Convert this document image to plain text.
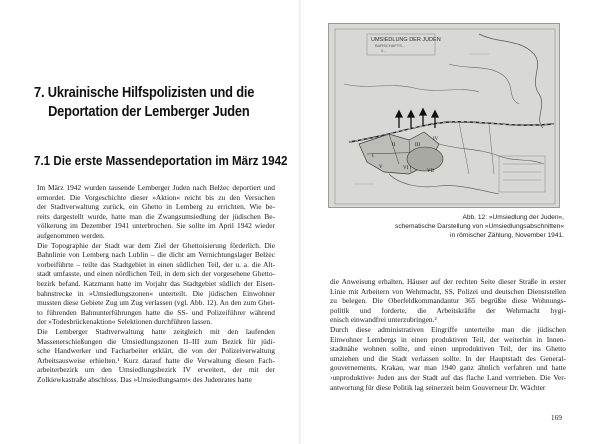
7. Ukrainische Hilfspolizisten und die
Deportation der Lemberger Juden
7.1 Die erste Massendeportation im März 1942
Im März 1942 wurden tausende Lemberger Juden nach Bełżec deportiert und
ermordet. Die Vorgeschichte dieser »Aktion« reicht bis zu den Versuchen
der Stadtverwaltung zurück, ein Ghetto in Lemberg zu errichten. Wie be-
reits dargestellt wurde, hatte man die Zwangsumsiedlung der jüdischen Be-
völkerung im Dezember 1941 unterbrochen. Sie sollte im April 1942 wieder
aufgenommen werden.
Die Topographie der Stadt war dem Ziel der Ghettoisierung förderlich. Die
Bahnlinie von Lemberg nach Lublin – die dicht am Vernichtungslager Bełżec
vorbeiführte – teilte das Stadtgebiet in einen südlichen Teil, der u. a. die Alt-
stadt umfasste, und einen nördlichen Teil, in dem sich der vorgesehene Ghetto-
bezirk befand. Katzmann hatte im Vorjahr das Stadtgebiet südlich der Eisen-
bahnstrecke in »Umsiedlungszonen« unterteilt. Die jüdischen Einwohner
mussten diese Gebiete Zug um Zug verlassen (vgl. Abb. 12). An den zum Ghet-
to führenden Bahnunterführungen hatte die SS- und Polizeiführer während
der »Todesbrückenaktion« Selektionen durchführen lassen.
Die Lemberger Stadtverwaltung hatte zeitgleich mit den laufenden
Massenerschießungen die Umsiedlungszonen II–III zum Bezirk für jüdi-
sche Handwerker und Facharbeiter erklärt, die von der Polizeiverwaltung
Arbeitsausweise erhielten.¹ Kurz darauf hatte die Verwaltung diesen Fach-
arbeiterbezirk um den Umsiedlungsbezirk IV erweitert, der mit der
Zolkiewkastraße abschloss. Das »Umsiedlungsamt« des Judenrates hatte
UMSIEDLUNG DER JUDEN
BARSCHAFTS...
K...
I
II	III
IV
V	VI
VII
Abb. 12: »Umsiedlung der Juden«,
schematische Darstellung von »Umsiedlungsabschnitten«
in römischer Zählung, November 1941.
die Anweisung erhalten, Häuser auf der rechten Seite dieser Straße in erster
Linie mit Arbeitern von Wehrmacht, SS, Polizei und deutschen Dienststellen
zu belegen. Die Oberfeldkommandantur 365 begrüßte diese Wohnungs-
politik und forderte, die Arbeitskräfte der Wehrmacht hygi-
enisch einwandfrei unterzubringen.²
Durch diese administrativen Eingriffe unterteilte man die jüdischen
Einwohner Lembergs in einen produktiven Teil, der weiterhin in Innen-
stadtnähe wohnen sollte, und einen unproduktiven Teil, der ins Ghetto
umziehen und die Stadt verlassen sollte. In der Hauptstadt des General-
gouvernements, Krakau, war man 1940 ganz ähnlich verfahren und hatte
›unproduktive‹ Juden aus der Stadt auf das flache Land vertrieben. Die Ver-
antwortung für diese Politik lag seinerzeit beim Gouverneur Dr. Wächter
169
